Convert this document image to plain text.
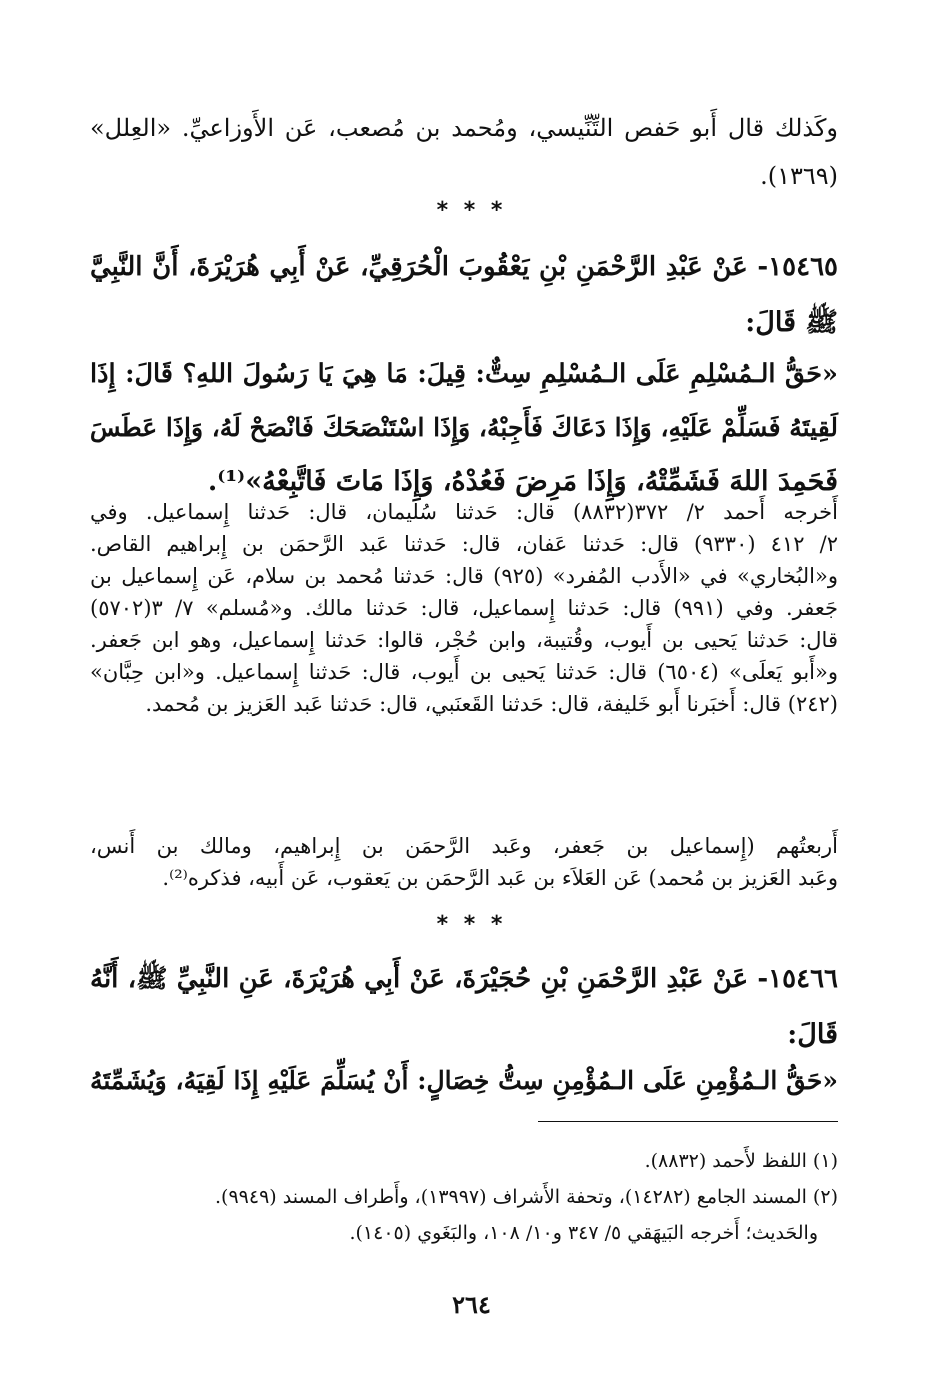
وكَذلك قال أَبو حَفص التِّنِّيسي، ومُحمد بن مُصعب، عَن الأَوزاعيِّ. «العِلل»
(١٣٦٩).
* * *
١٥٤٦٥- عَنْ عَبْدِ الرَّحْمَنِ بْنِ يَعْقُوبَ الْحُرَقِيِّ، عَنْ أَبِي هُرَيْرَةَ، أَنَّ النَّبِيَّ
ﷺ قَالَ:
«حَقُّ الـمُسْلِمِ عَلَى الـمُسْلِمِ سِتٌّ: قِيلَ: مَا هِيَ يَا رَسُولَ اللهِ؟ قَالَ: إِذَا
لَقِيتَهُ فَسَلِّمْ عَلَيْهِ، وَإِذَا دَعَاكَ فَأَجِبْهُ، وَإِذَا اسْتَنْصَحَكَ فَانْصَحْ لَهُ، وَإِذَا عَطَسَ
فَحَمِدَ اللهَ فَشَمِّتْهُ، وَإِذَا مَرِضَ فَعُدْهُ، وَإِذَا مَاتَ فَاتَّبِعْهُ»⁽¹⁾.
أَخرجه أَحمد ٢/ ٣٧٢(٨٨٣٢) قال: حَدثنا سُليمان، قال: حَدثنا إِسماعيل. وفي
٢/ ٤١٢ (٩٣٣٠) قال: حَدثنا عَفان، قال: حَدثنا عَبد الرَّحمَن بن إِبراهيم القاص.
و«البُخاري» في «الأَدب المُفرد» (٩٢٥) قال: حَدثنا مُحمد بن سلام، عَن إِسماعيل بن
جَعفر. وفي (٩٩١) قال: حَدثنا إِسماعيل، قال: حَدثنا مالك. و«مُسلم» ٧/ ٣(٥٧٠٢)
قال: حَدثنا يَحيى بن أَيوب، وقُتيبة، وابن حُجْر، قالوا: حَدثنا إِسماعيل، وهو ابن جَعفر.
و«أَبو يَعلَى» (٦٥٠٤) قال: حَدثنا يَحيى بن أَيوب، قال: حَدثنا إِسماعيل. و«ابن حِبَّان»
(٢٤٢) قال: أَخبَرنا أَبو خَليفة، قال: حَدثنا القَعنَبي، قال: حَدثنا عَبد العَزيز بن مُحمد.
أَربعتُهم (إِسماعيل بن جَعفر، وعَبد الرَّحمَن بن إِبراهيم، ومالك بن أَنس،
وعَبد العَزيز بن مُحمد) عَن العَلاَء بن عَبد الرَّحمَن بن يَعقوب، عَن أَبيه، فذكره⁽²⁾.
* * *
١٥٤٦٦- عَنْ عَبْدِ الرَّحْمَنِ بْنِ حُجَيْرَةَ، عَنْ أَبِي هُرَيْرَةَ، عَنِ النَّبِيِّ ﷺ، أَنَّهُ
قَالَ:
«حَقُّ الـمُؤْمِنِ عَلَى الـمُؤْمِنِ سِتُّ خِصَالٍ: أَنْ يُسَلِّمَ عَلَيْهِ إِذَا لَقِيَهُ، وَيُشَمِّتَهُ
(١) اللفظ لأَحمد (٨٨٣٢).
(٢) المسند الجامع (١٤٢٨٢)، وتحفة الأَشراف (١٣٩٩٧)، وأَطراف المسند (٩٩٤٩).
والحَديث؛ أَخرجه البَيهَقي ٥/ ٣٤٧ و١٠/ ١٠٨، والبَغَوي (١٤٠٥).
٢٦٤
